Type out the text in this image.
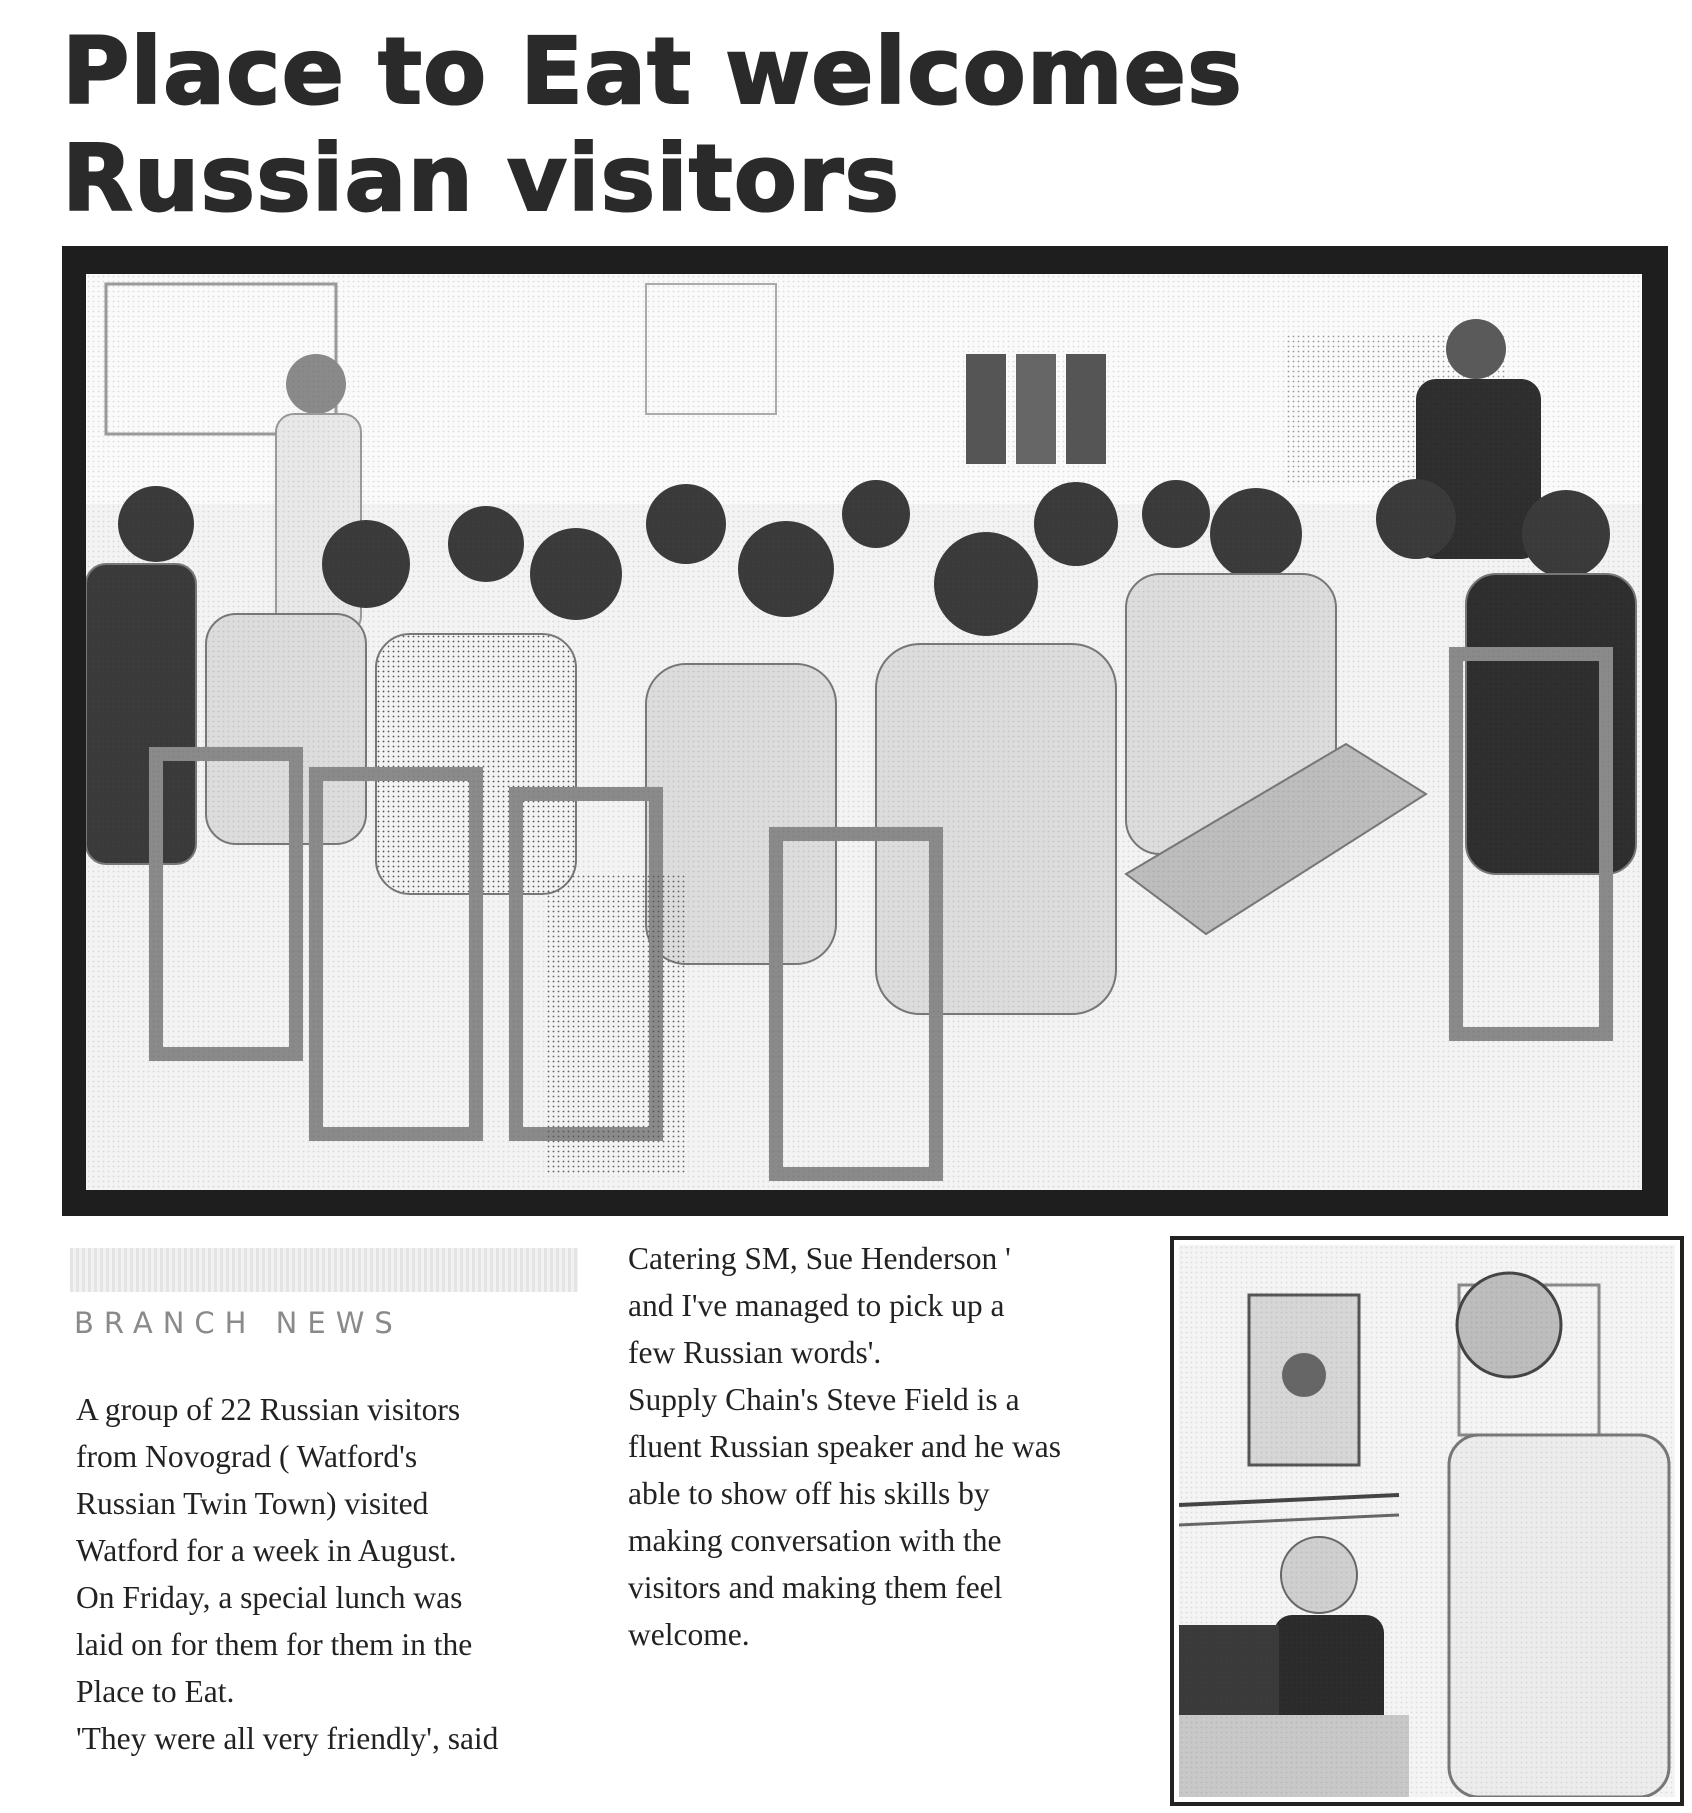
Place to Eat welcomes
Russian visitors
BRANCH NEWS

A group of 22 Russian visitors

from Novograd ( Watford's

Russian Twin Town) visited

Watford for a week in August.

On Friday, a special lunch was

laid on for them for them in the

Place to Eat.

'They were all very friendly', said

Catering SM, Sue Henderson '

and I've managed to pick up a

few Russian words'.

Supply Chain's Steve Field is a

fluent Russian speaker and he was

able to show off his skills by

making conversation with the

visitors and making them feel

welcome.
